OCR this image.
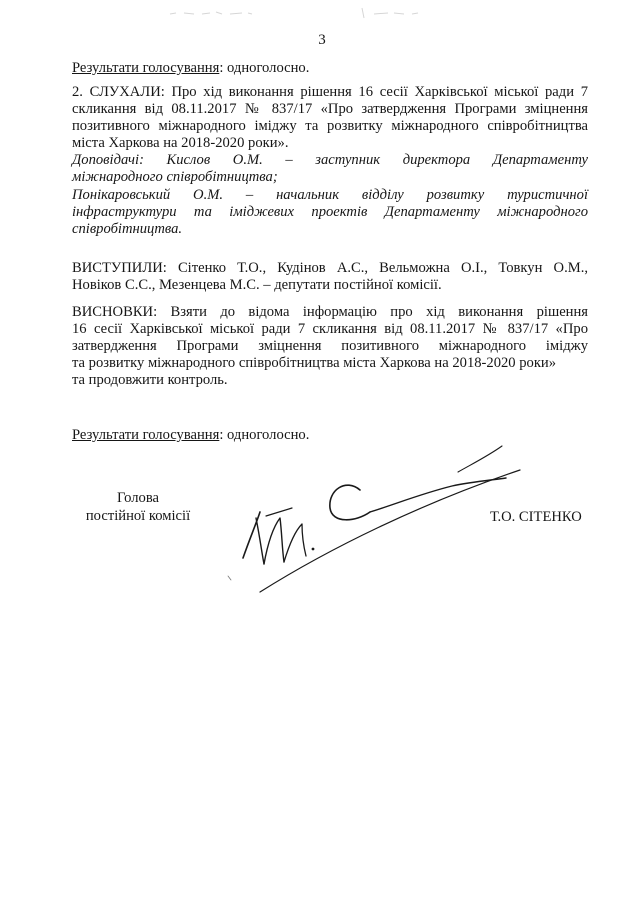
3
Результати голосування: одноголосно.
2. СЛУХАЛИ: Про хід виконання рішення 16 сесії Харківської міської ради 7
скликання від 08.11.2017 № 837/17 «Про затвердження Програми зміцнення
позитивного міжнародного іміджу та розвитку міжнародного співробітництва
міста Харкова на 2018-2020 роки».
Доповідачі: Кислов О.М. – заступник директора Департаменту
міжнародного співробітництва;
Понікаровський О.М. – начальник відділу розвитку туристичної
інфраструктури та іміджевих проектів Департаменту міжнародного
співробітництва.
ВИСТУПИЛИ: Сітенко Т.О., Кудінов А.С., Вельможна О.І., Товкун О.М.,
Новіков С.С., Мезенцева М.С. – депутати постійної комісії.
ВИСНОВКИ: Взяти до відома інформацію про хід виконання рішення
16 сесії Харківської міської ради 7 скликання від 08.11.2017 № 837/17 «Про
затвердження Програми зміцнення позитивного міжнародного іміджу
та розвитку міжнародного співробітництва міста Харкова на 2018-2020 роки»
та продовжити контроль.
Результати голосування: одноголосно.
Голова
постійної комісії	Т.О. СІТЕНКО
